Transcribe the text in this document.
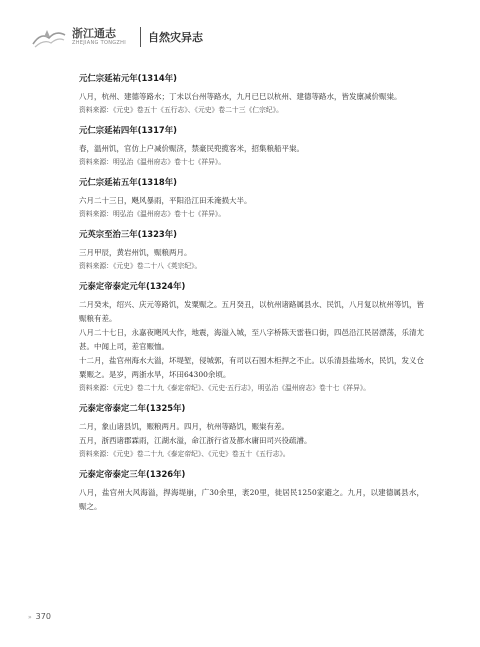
浙江通志
ZHEJIANG TONGZHI 自然灾异志
元仁宗延祐元年(1314年)

八月，杭州、建德等路水；丁未以台州等路水，九月已巳以杭州、建德等路水，皆发廪减价赈粜。

资料来源：《元史》卷五十《五行志》、《元史》卷二十三《仁宗纪》。

元仁宗延祐四年(1317年)

春，温州饥，官仿上户减价赈济，禁豪民兜揽客米，招集粮船平粜。

资料来源：明弘治《温州府志》卷十七《祥异》。

元仁宗延祐五年(1318年)

六月二十三日，飓风暴雨，平阳沿江田禾淹损大半。

资料来源：明弘治《温州府志》卷十七《祥异》。

元英宗至治三年(1323年)

三月甲辰，黄岩州饥，赈粮两月。

资料来源：《元史》卷二十八《英宗纪》。

元泰定帝泰定元年(1324年)

二月癸未，绍兴、庆元等路饥，发粟赈之。五月癸丑，以杭州诸路属县水、民饥，八月复以杭州等饥，皆赈粮有差。

八月二十七日，永嘉夜飓风大作，地震，海溢入城，至八字桥陈天雷巷口街，四邑沿江民居漂荡，乐清尤甚。中闻上司，差官赈恤。

十二月，盐官州海水大溢，坏堤堑，侵城郭，有司以石囤木柜捍之不止。以乐清县盐场水，民饥，发义仓粟赈之。是岁，两浙水旱，坏田64300余顷。

资料来源：《元史》卷二十九《泰定帝纪》、《元史·五行志》，明弘治《温州府志》卷十七《祥异》。

元泰定帝泰定二年(1325年)

二月，象山诸县饥，赈粮两月。四月，杭州等路饥，赈粜有差。

五月，浙西诸郡霖雨，江湖水溢，命江浙行省及都水庸田司兴役疏濬。

资料来源：《元史》卷二十九《泰定帝纪》、《元史》卷五十《五行志》。

元泰定帝泰定三年(1326年)

八月，盐官州大风海溢，捍海堤崩，广30余里，袤20里，徙居民1250家避之。九月，以建德属县水，赈之。

» 370
